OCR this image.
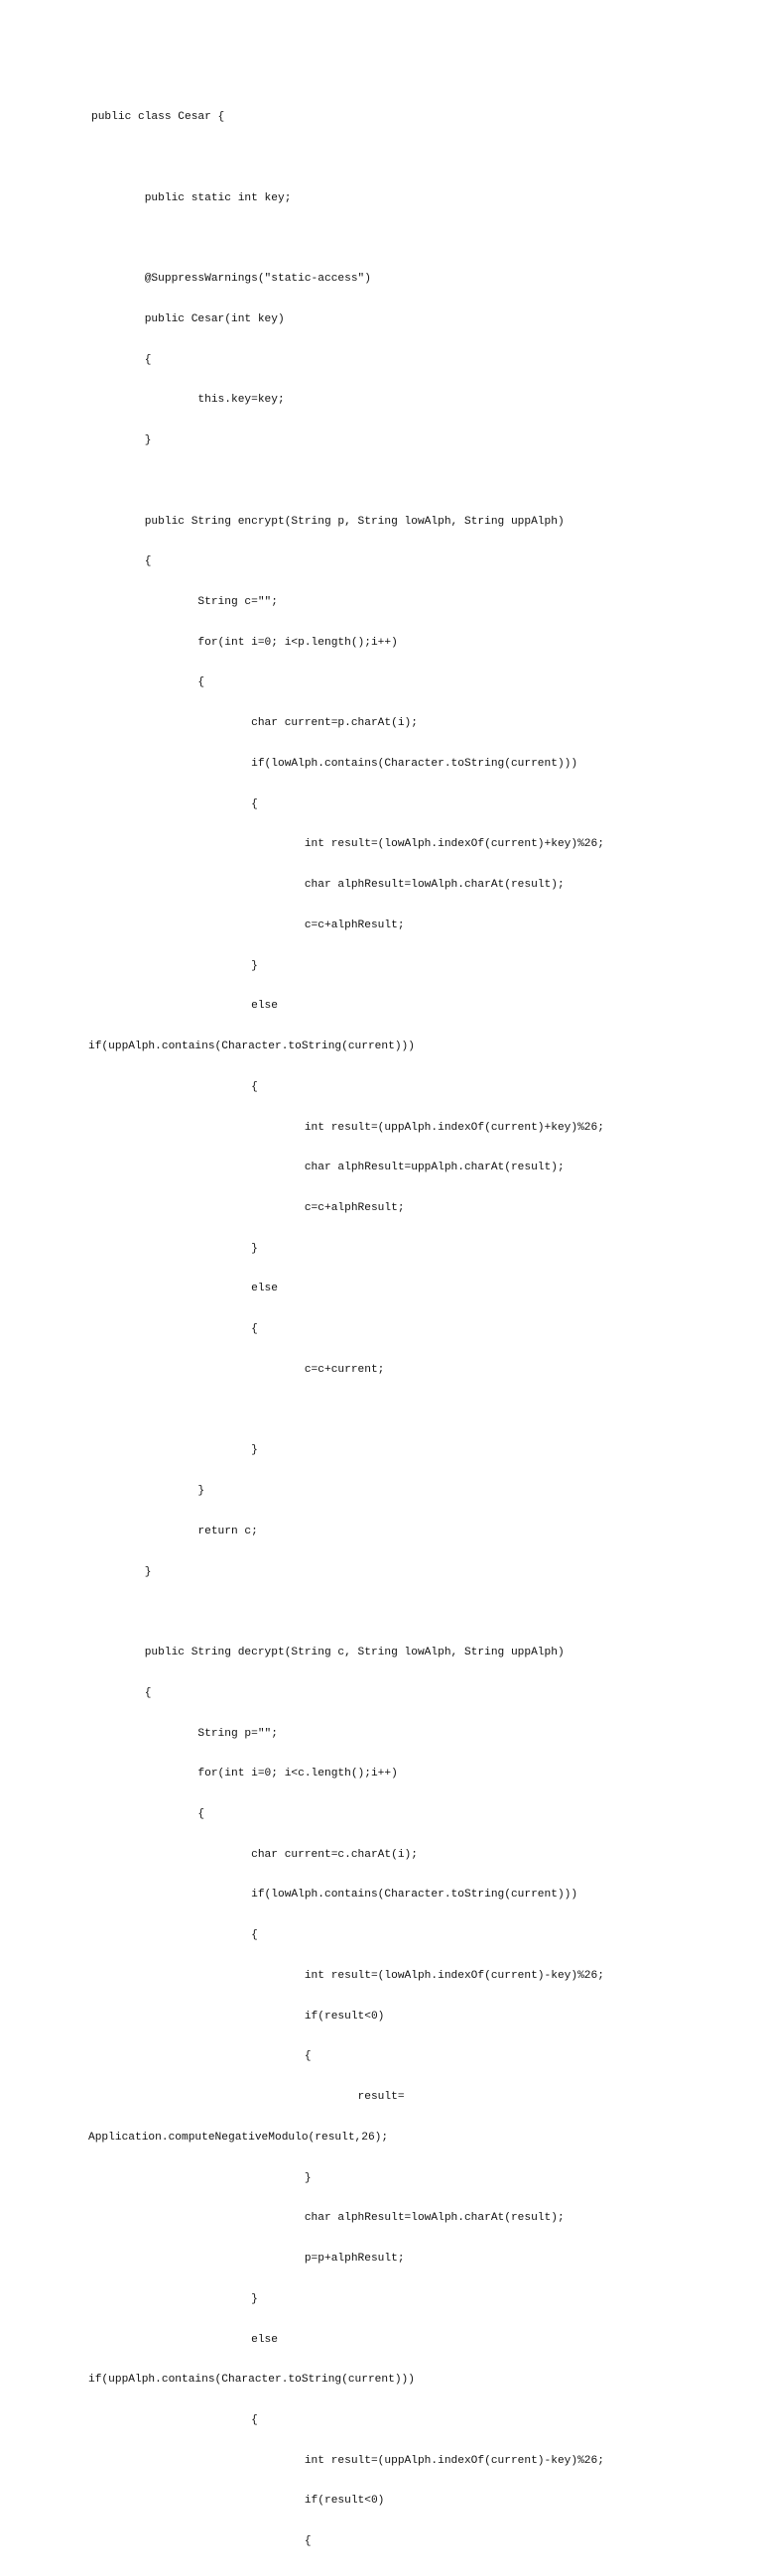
public class Cesar {

public static int key;

@SuppressWarnings("static-access")

public Cesar(int key)

{

this.key=key;

}

public String encrypt(String p, String lowAlph, String uppAlph)

{

String c="";

for(int i=0; i<p.length();i++)

{

char current=p.charAt(i);

if(lowAlph.contains(Character.toString(current)))

{

int result=(lowAlph.indexOf(current)+key)%26;

char alphResult=lowAlph.charAt(result);

c=c+alphResult;

}

else

if(uppAlph.contains(Character.toString(current)))

{

int result=(uppAlph.indexOf(current)+key)%26;

char alphResult=uppAlph.charAt(result);

c=c+alphResult;

}

else

{

c=c+current;

}

}

return c;

}

public String decrypt(String c, String lowAlph, String uppAlph)

{

String p="";

for(int i=0; i<c.length();i++)

{

char current=c.charAt(i);

if(lowAlph.contains(Character.toString(current)))

{

int result=(lowAlph.indexOf(current)-key)%26;

if(result<0)

{

result=

Application.computeNegativeModulo(result,26);

}

char alphResult=lowAlph.charAt(result);

p=p+alphResult;

}

else

if(uppAlph.contains(Character.toString(current)))

{

int result=(uppAlph.indexOf(current)-key)%26;

if(result<0)

{
